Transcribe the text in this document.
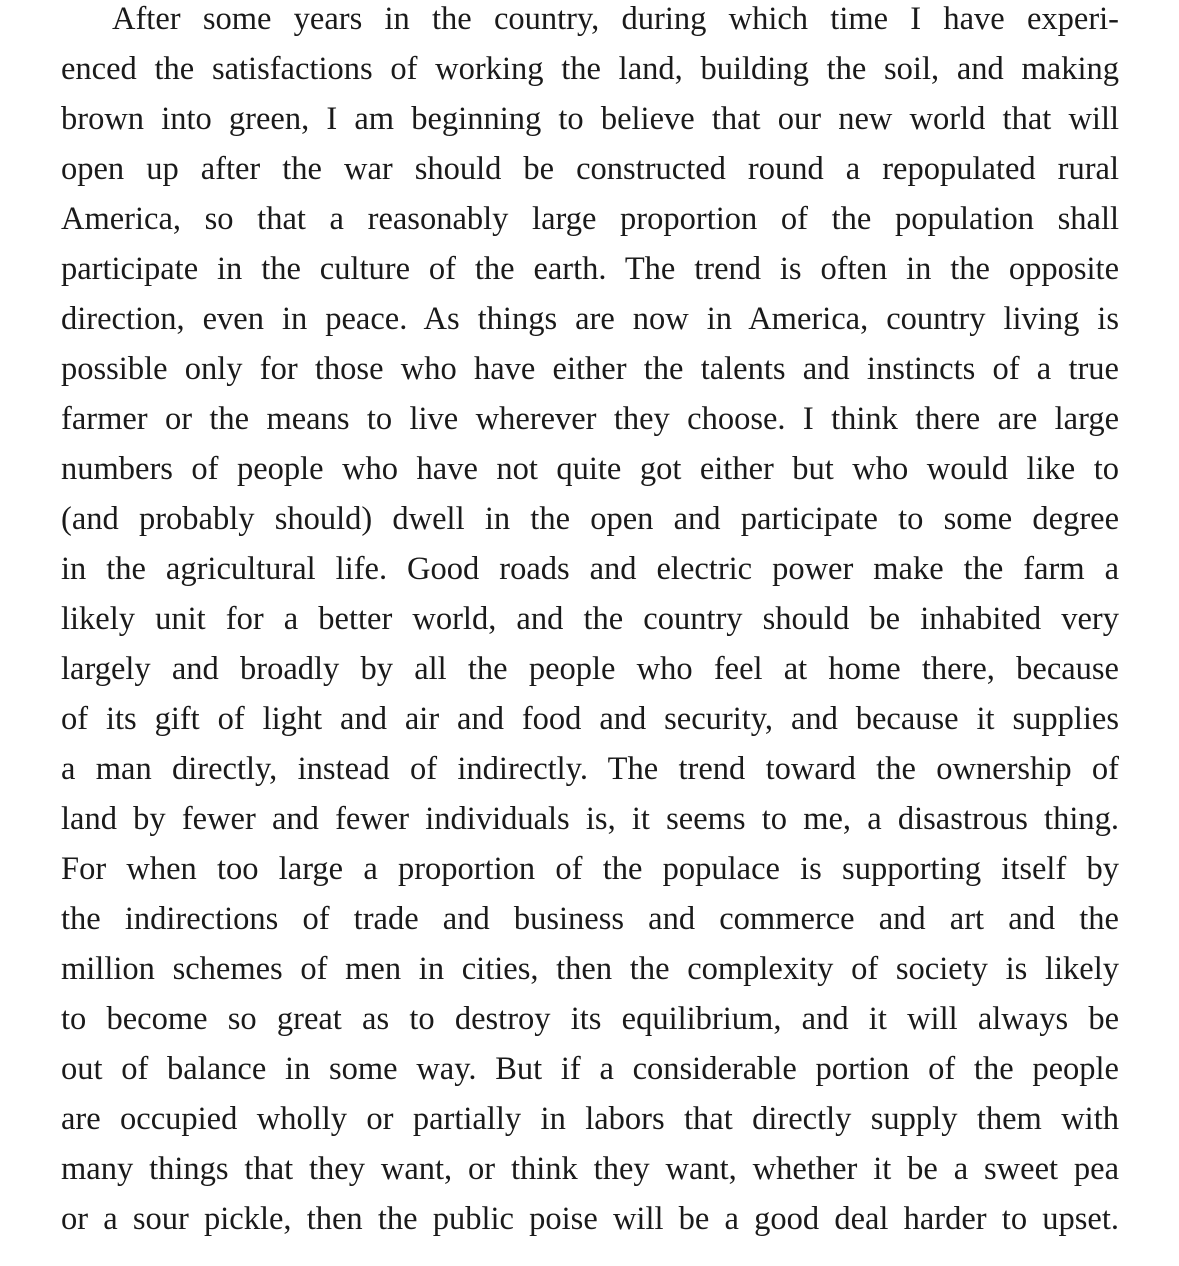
After some years in the country, during which time I have experi-
enced the satisfactions of working the land, building the soil, and making
brown into green, I am beginning to believe that our new world that will
open up after the war should be constructed round a repopulated rural
America, so that a reasonably large proportion of the population shall
participate in the culture of the earth. The trend is often in the opposite
direction, even in peace. As things are now in America, country living is
possible only for those who have either the talents and instincts of a true
farmer or the means to live wherever they choose. I think there are large
numbers of people who have not quite got either but who would like to
(and probably should) dwell in the open and participate to some degree
in the agricultural life. Good roads and electric power make the farm a
likely unit for a better world, and the country should be inhabited very
largely and broadly by all the people who feel at home there, because
of its gift of light and air and food and security, and because it supplies
a man directly, instead of indirectly. The trend toward the ownership of
land by fewer and fewer individuals is, it seems to me, a disastrous thing.
For when too large a proportion of the populace is supporting itself by
the indirections of trade and business and commerce and art and the
million schemes of men in cities, then the complexity of society is likely
to become so great as to destroy its equilibrium, and it will always be
out of balance in some way. But if a considerable portion of the people
are occupied wholly or partially in labors that directly supply them with
many things that they want, or think they want, whether it be a sweet pea
or a sour pickle, then the public poise will be a good deal harder to upset.
